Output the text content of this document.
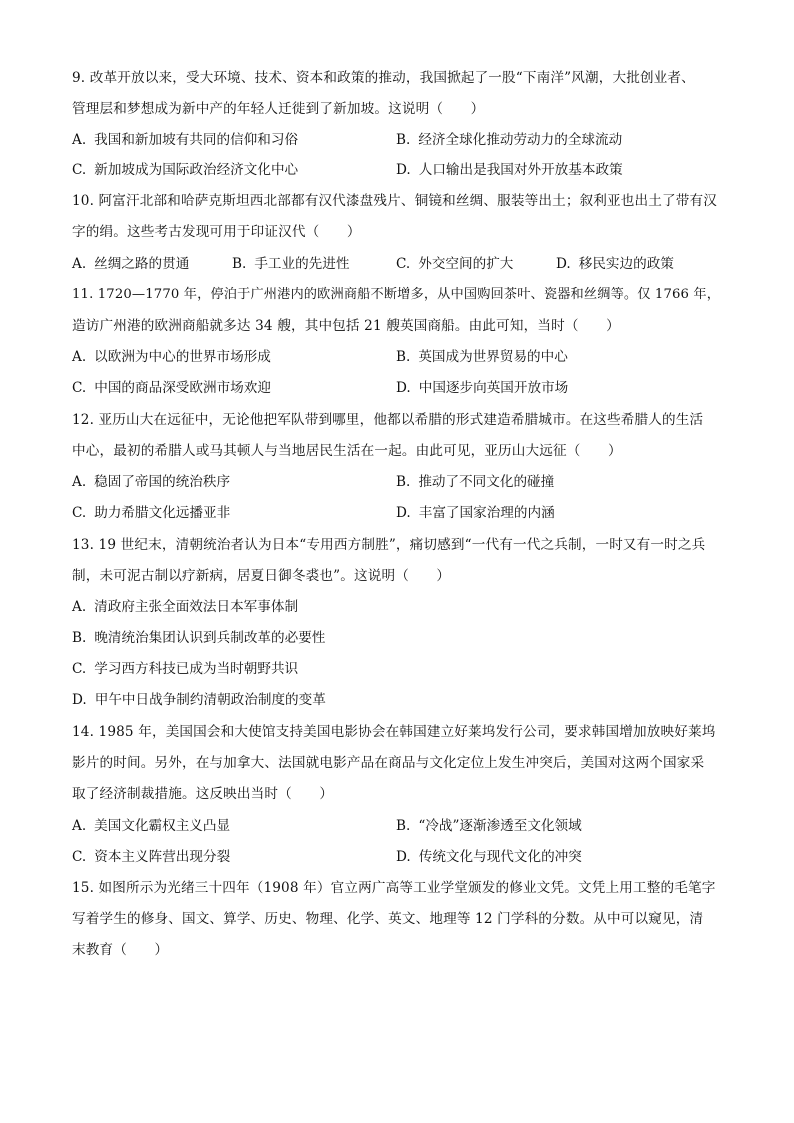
9. 改革开放以来，受大环境、技术、资本和政策的推动，我国掀起了一股“下南洋”风潮，大批创业者、
管理层和梦想成为新中产的年轻人迁徙到了新加坡。这说明（　　）
A. 我国和新加坡有共同的信仰和习俗	B. 经济全球化推动劳动力的全球流动
C. 新加坡成为国际政治经济文化中心	D. 人口输出是我国对外开放基本政策
10. 阿富汗北部和哈萨克斯坦西北部都有汉代漆盘残片、铜镜和丝绸、服装等出土；叙利亚也出土了带有汉
字的绢。这些考古发现可用于印证汉代（　　）
A. 丝绸之路的贯通	B. 手工业的先进性	C. 外交空间的扩大	D. 移民实边的政策
11. 1720—1770 年，停泊于广州港内的欧洲商船不断增多，从中国购回茶叶、瓷器和丝绸等。仅 1766 年，
造访广州港的欧洲商船就多达 34 艘，其中包括 21 艘英国商船。由此可知，当时（　　）
A. 以欧洲为中心的世界市场形成	B. 英国成为世界贸易的中心
C. 中国的商品深受欧洲市场欢迎	D. 中国逐步向英国开放市场
12. 亚历山大在远征中，无论他把军队带到哪里，他都以希腊的形式建造希腊城市。在这些希腊人的生活
中心，最初的希腊人或马其顿人与当地居民生活在一起。由此可见，亚历山大远征（　　）
A. 稳固了帝国的统治秩序	B. 推动了不同文化的碰撞
C. 助力希腊文化远播亚非	D. 丰富了国家治理的内涵
13. 19 世纪末，清朝统治者认为日本“专用西方制胜”，痛切感到“一代有一代之兵制，一时又有一时之兵
制，未可泥古制以疗新病，居夏日御冬裘也”。这说明（　　）
A. 清政府主张全面效法日本军事体制
B. 晚清统治集团认识到兵制改革的必要性
C. 学习西方科技已成为当时朝野共识
D. 甲午中日战争制约清朝政治制度的变革
14. 1985 年，美国国会和大使馆支持美国电影协会在韩国建立好莱坞发行公司，要求韩国增加放映好莱坞
影片的时间。另外，在与加拿大、法国就电影产品在商品与文化定位上发生冲突后，美国对这两个国家采
取了经济制裁措施。这反映出当时（　　）
A. 美国文化霸权主义凸显	B. “冷战”逐渐渗透至文化领域
C. 资本主义阵营出现分裂	D. 传统文化与现代文化的冲突
15. 如图所示为光绪三十四年（1908 年）官立两广高等工业学堂颁发的修业文凭。文凭上用工整的毛笔字
写着学生的修身、国文、算学、历史、物理、化学、英文、地理等 12 门学科的分数。从中可以窥见，清
末教育（　　）
